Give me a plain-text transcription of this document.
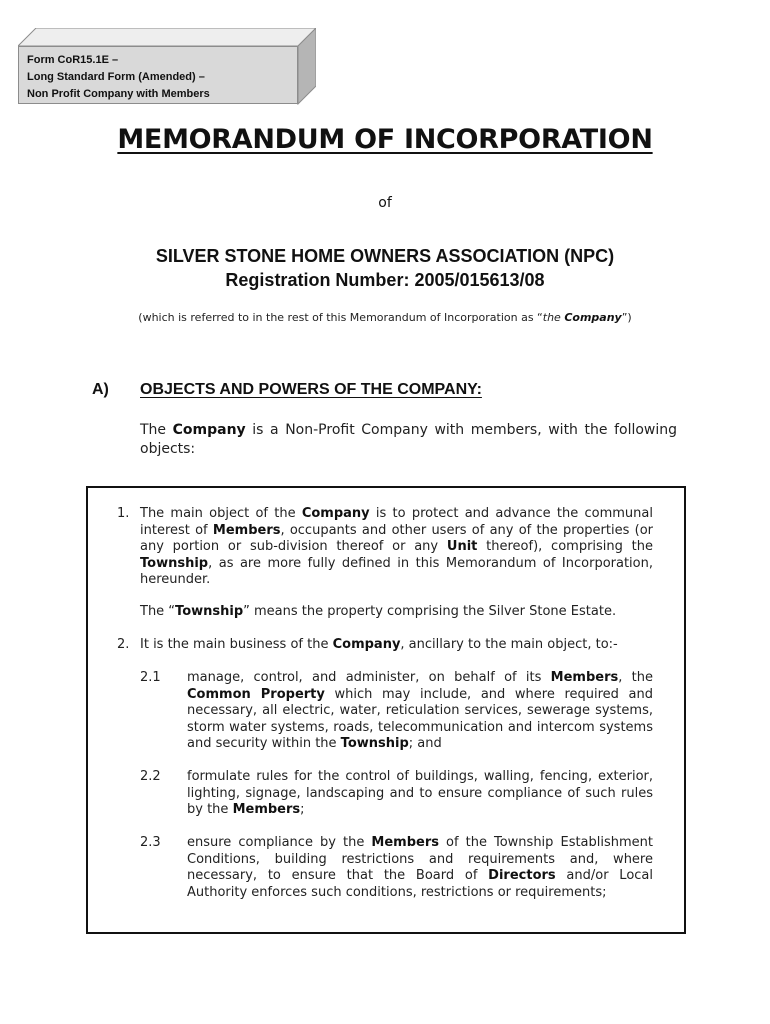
Form CoR15.1E –
Long Standard Form (Amended) –
Non Profit Company with Members
MEMORANDUM OF INCORPORATION
of
SILVER STONE HOME OWNERS ASSOCIATION (NPC)
Registration Number: 2005/015613/08
(which is referred to in the rest of this Memorandum of Incorporation as “the Company”)
A) OBJECTS AND POWERS OF THE COMPANY:
The Company is a Non-Profit Company with members, with the following objects:
1. The main object of the Company is to protect and advance the communal interest of Members, occupants and other users of any of the properties (or any portion or sub-division thereof or any Unit thereof), comprising the Township, as are more fully defined in this Memorandum of Incorporation, hereunder.
The “Township” means the property comprising the Silver Stone Estate.
2. It is the main business of the Company, ancillary to the main object, to:-
2.1 manage, control, and administer, on behalf of its Members, the Common Property which may include, and where required and necessary, all electric, water, reticulation services, sewerage systems, storm water systems, roads, telecommunication and intercom systems and security within the Township; and
2.2 formulate rules for the control of buildings, walling, fencing, exterior, lighting, signage, landscaping and to ensure compliance of such rules by the Members;
2.3 ensure compliance by the Members of the Township Establishment Conditions, building restrictions and requirements and, where necessary, to ensure that the Board of Directors and/or Local Authority enforces such conditions, restrictions or requirements;
